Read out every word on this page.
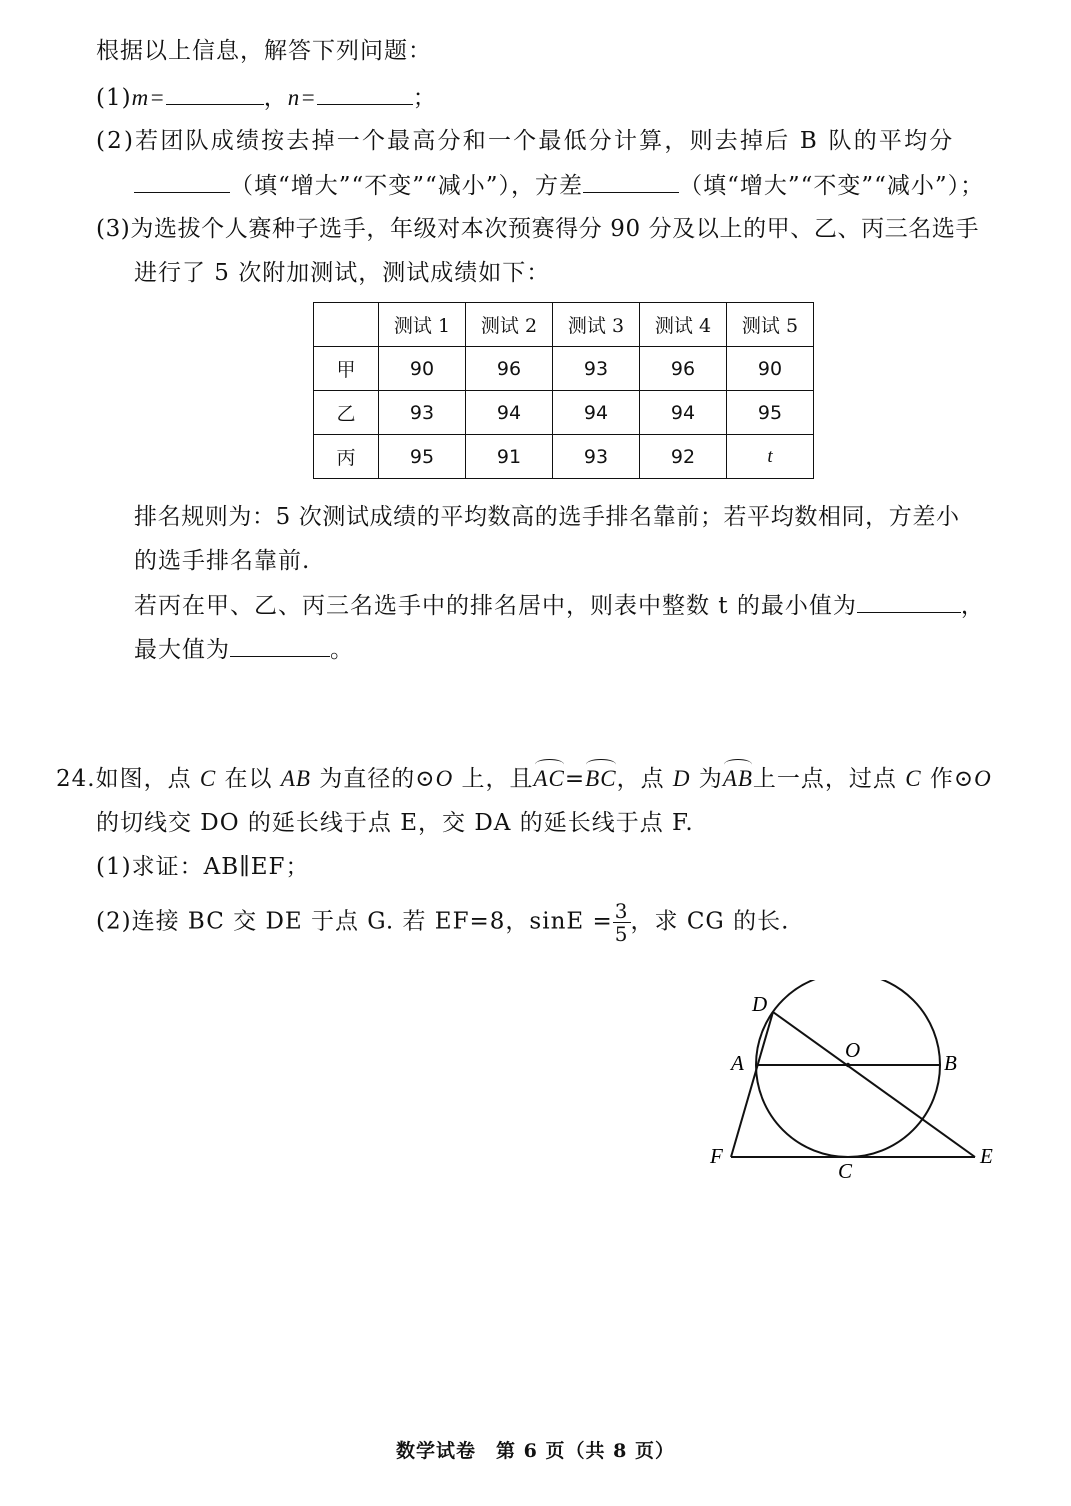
根据以上信息，解答下列问题：
(1)m=	，n=	；
(2)若团队成绩按去掉一个最高分和一个最低分计算，则去掉后 B 队的平均分
（填“增大”“不变”“减小”），方差	（填“增大”“不变”“减小”）；
(3)为选拔个人赛种子选手，年级对本次预赛得分 90 分及以上的甲、乙、丙三名选手
进行了 5 次附加测试，测试成绩如下：
	测试 1	测试 2	测试 3	测试 4	测试 5
甲	90	96	93	96	90
乙	93	94	94	94	95
丙	95	91	93	92	t
排名规则为：5 次测试成绩的平均数高的选手排名靠前；若平均数相同，方差小
的选手排名靠前.
若丙在甲、乙、丙三名选手中的排名居中，则表中整数 t 的最小值为	，
最大值为	。
24.如图，点 C 在以 AB 为直径的⊙O 上，且AC=BC，点 D 为AB上一点，过点 C 作⊙O
的切线交 DO 的延长线于点 E，交 DA 的延长线于点 F.
(1)求证：AB∥EF；
(2)连接 BC 交 DE 于点 G. 若 EF=8，$\sin E = \frac{3}{5}$ ，求 CG 的长.
D
O
A	B
F
C
E
数学试卷　第 6 页（共 8 页）
